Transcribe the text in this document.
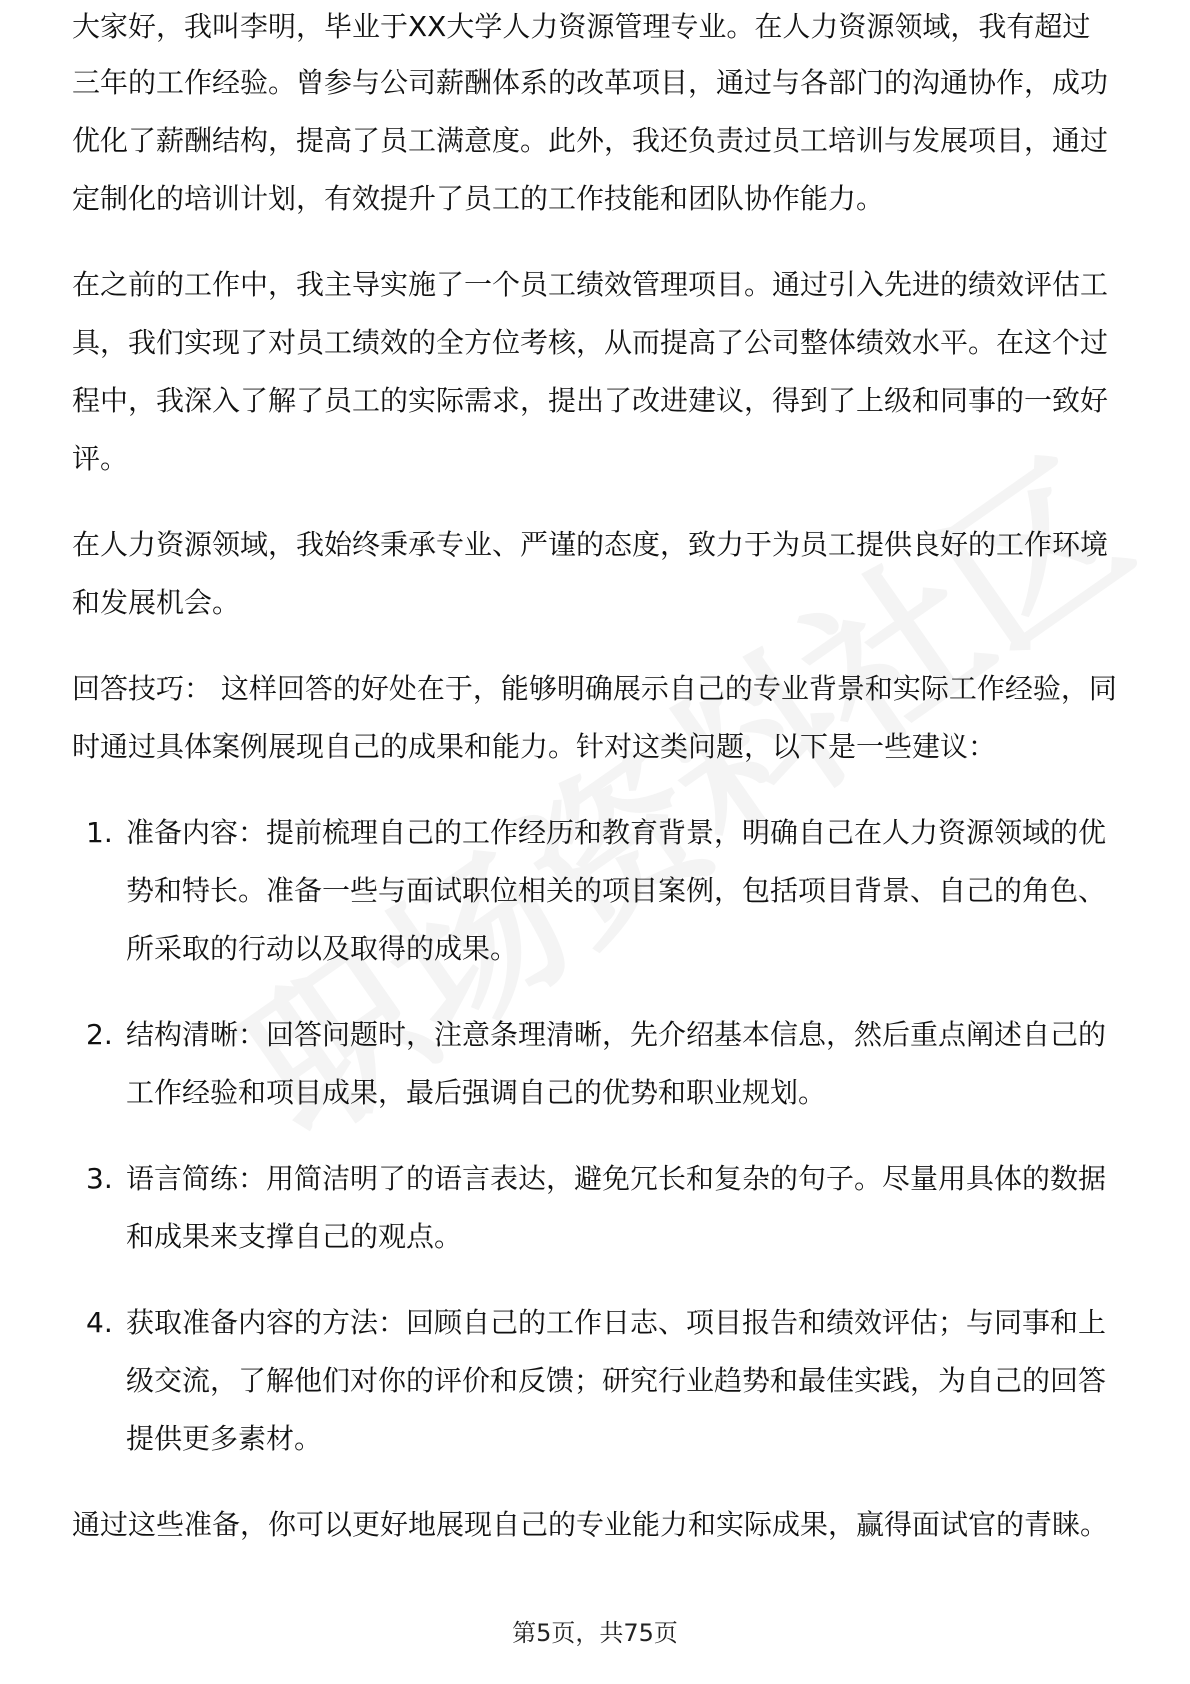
大家好，我叫李明，毕业于XX大学人力资源管理专业。在人力资源领域，我有超过

三年的工作经验。曾参与公司薪酬体系的改革项目，通过与各部门的沟通协作，成功优化了薪酬结构，提高了员工满意度。此外，我还负责过员工培训与发展项目，通过定制化的培训计划，有效提升了员工的工作技能和团队协作能力。

在之前的工作中，我主导实施了一个员工绩效管理项目。通过引入先进的绩效评估工具，我们实现了对员工绩效的全方位考核，从而提高了公司整体绩效水平。在这个过程中，我深入了解了员工的实际需求，提出了改进建议，得到了上级和同事的一致好评。

在人力资源领域，我始终秉承专业、严谨的态度，致力于为员工提供良好的工作环境和发展机会。

回答技巧： 这样回答的好处在于，能够明确展示自己的专业背景和实际工作经验，同时通过具体案例展现自己的成果和能力。针对这类问题，以下是一些建议：

1. 准备内容：提前梳理自己的工作经历和教育背景，明确自己在人力资源领域的优势和特长。准备一些与面试职位相关的项目案例，包括项目背景、自己的角色、所采取的行动以及取得的成果。
2. 结构清晰：回答问题时，注意条理清晰，先介绍基本信息，然后重点阐述自己的工作经验和项目成果，最后强调自己的优势和职业规划。
3. 语言简练：用简洁明了的语言表达，避免冗长和复杂的句子。尽量用具体的数据和成果来支撑自己的观点。
4. 获取准备内容的方法：回顾自己的工作日志、项目报告和绩效评估；与同事和上级交流，了解他们对你的评价和反馈；研究行业趋势和最佳实践，为自己的回答提供更多素材。

通过这些准备，你可以更好地展现自己的专业能力和实际成果，赢得面试官的青睐。

第5页，共75页
